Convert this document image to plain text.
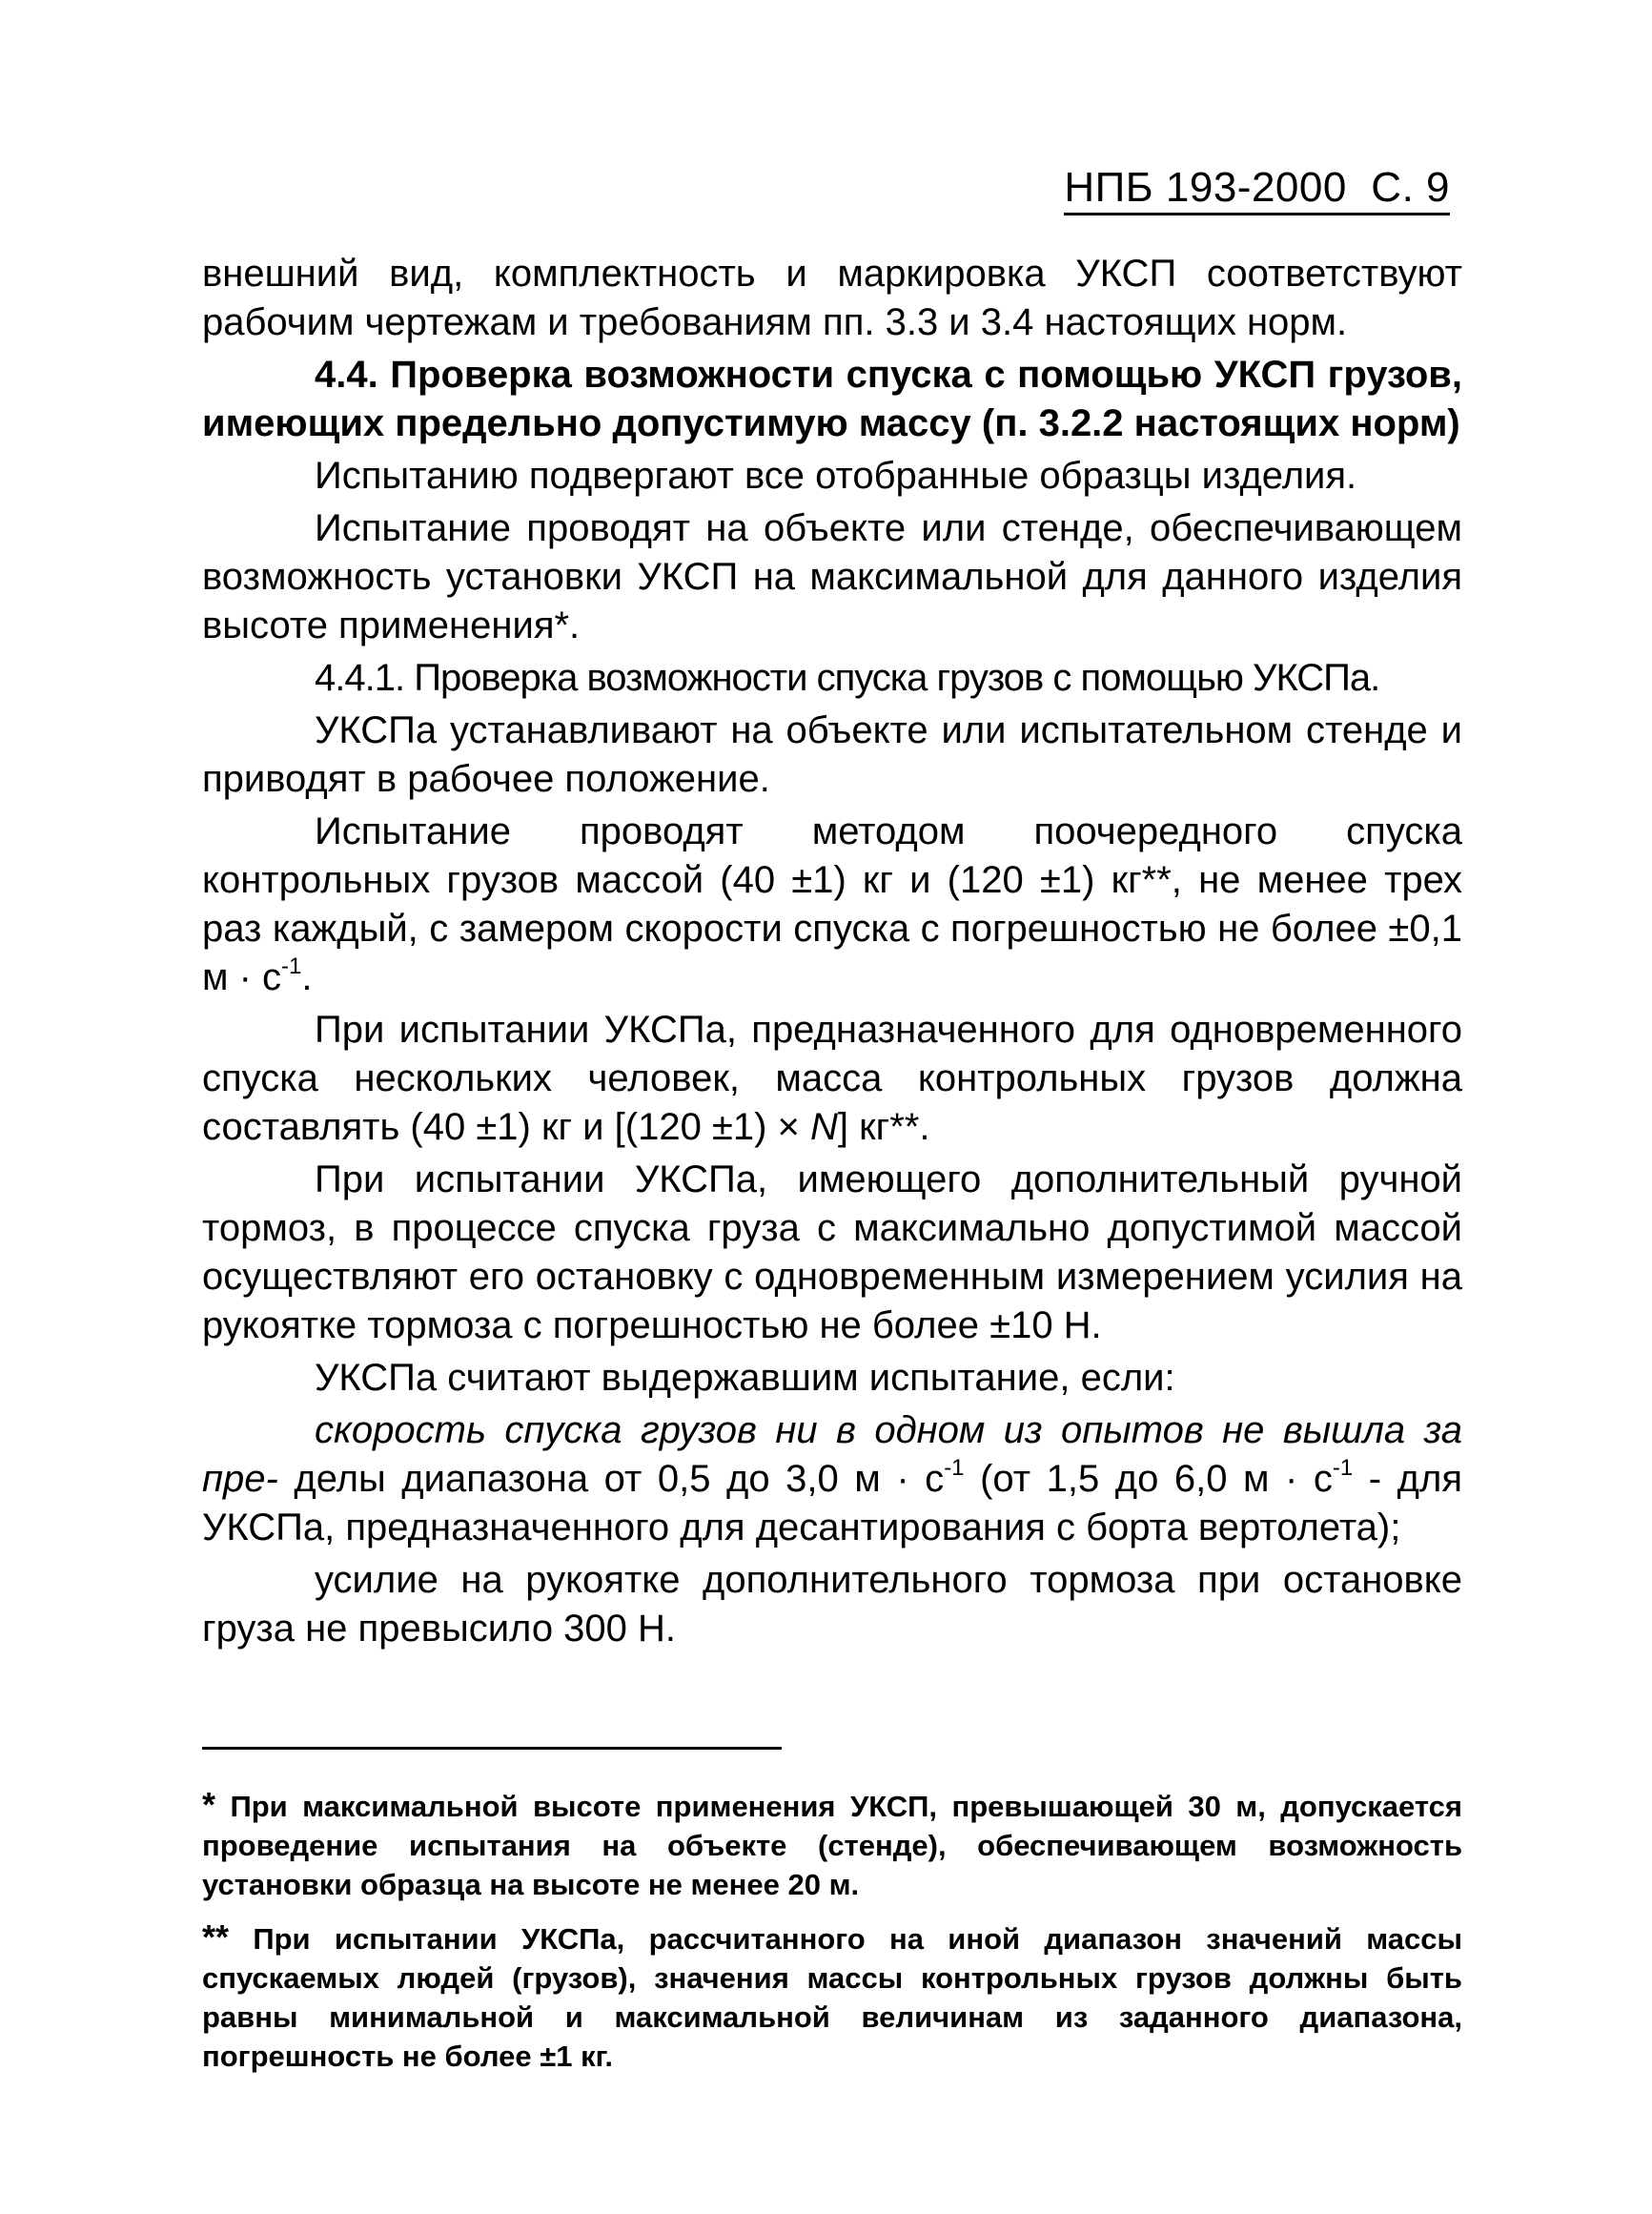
НПБ 193-2000 С. 9

внешний вид, комплектность и маркировка УКСП соответствуют рабочим чертежам и требованиям пп. 3.3 и 3.4 настоящих норм.

4.4. Проверка возможности спуска с помощью УКСП грузов, имеющих предельно допустимую массу (п. 3.2.2 настоящих норм)

Испытанию подвергают все отобранные образцы изделия.

Испытание проводят на объекте или стенде, обеспечивающем возможность установки УКСП на максимальной для данного изделия высоте применения*.

4.4.1. Проверка возможности спуска грузов с помощью УКСПа.

УКСПа устанавливают на объекте или испытательном стенде и приводят в рабочее положение.

Испытание проводят методом поочередного спуска контрольных грузов массой (40 ±1) кг и (120 ±1) кг**, не менее трех раз каждый, с замером скорости спуска с погрешностью не более ±0,1 $м \cdot с^{-1}$.

При испытании УКСПа, предназначенного для одновременного спуска нескольких человек, масса контрольных грузов должна составлять (40 ±1) кг и [(120 ±1) × N] кг**.

При испытании УКСПа, имеющего дополнительный ручной тормоз, в процессе спуска груза с максимально допустимой массой осуществляют его остановку с одновременным измерением усилия на рукоятке тормоза с погрешностью не более ±10 Н.

УКСПа считают выдержавшим испытание, если:

скорость спуска грузов ни в одном из опытов не вышла за пре- делы диапазона от 0,5 до 3,0 $м \cdot с^{-1}$ (от 1,5 до 6,0 $м \cdot с^{-1}$ - для УКСПа, предназначенного для десантирования с борта вертолета);

усилие на рукоятке дополнительного тормоза при остановке груза не превысило 300 Н.

* При максимальной высоте применения УКСП, превышающей 30 м, допускается проведение испытания на объекте (стенде), обеспечивающем возможность установки образца на высоте не менее 20 м.

** При испытании УКСПа, рассчитанного на иной диапазон значений массы спускаемых людей (грузов), значения массы контрольных грузов должны быть равны минимальной и максимальной величинам из заданного диапазона, погрешность не более ±1 кг.
